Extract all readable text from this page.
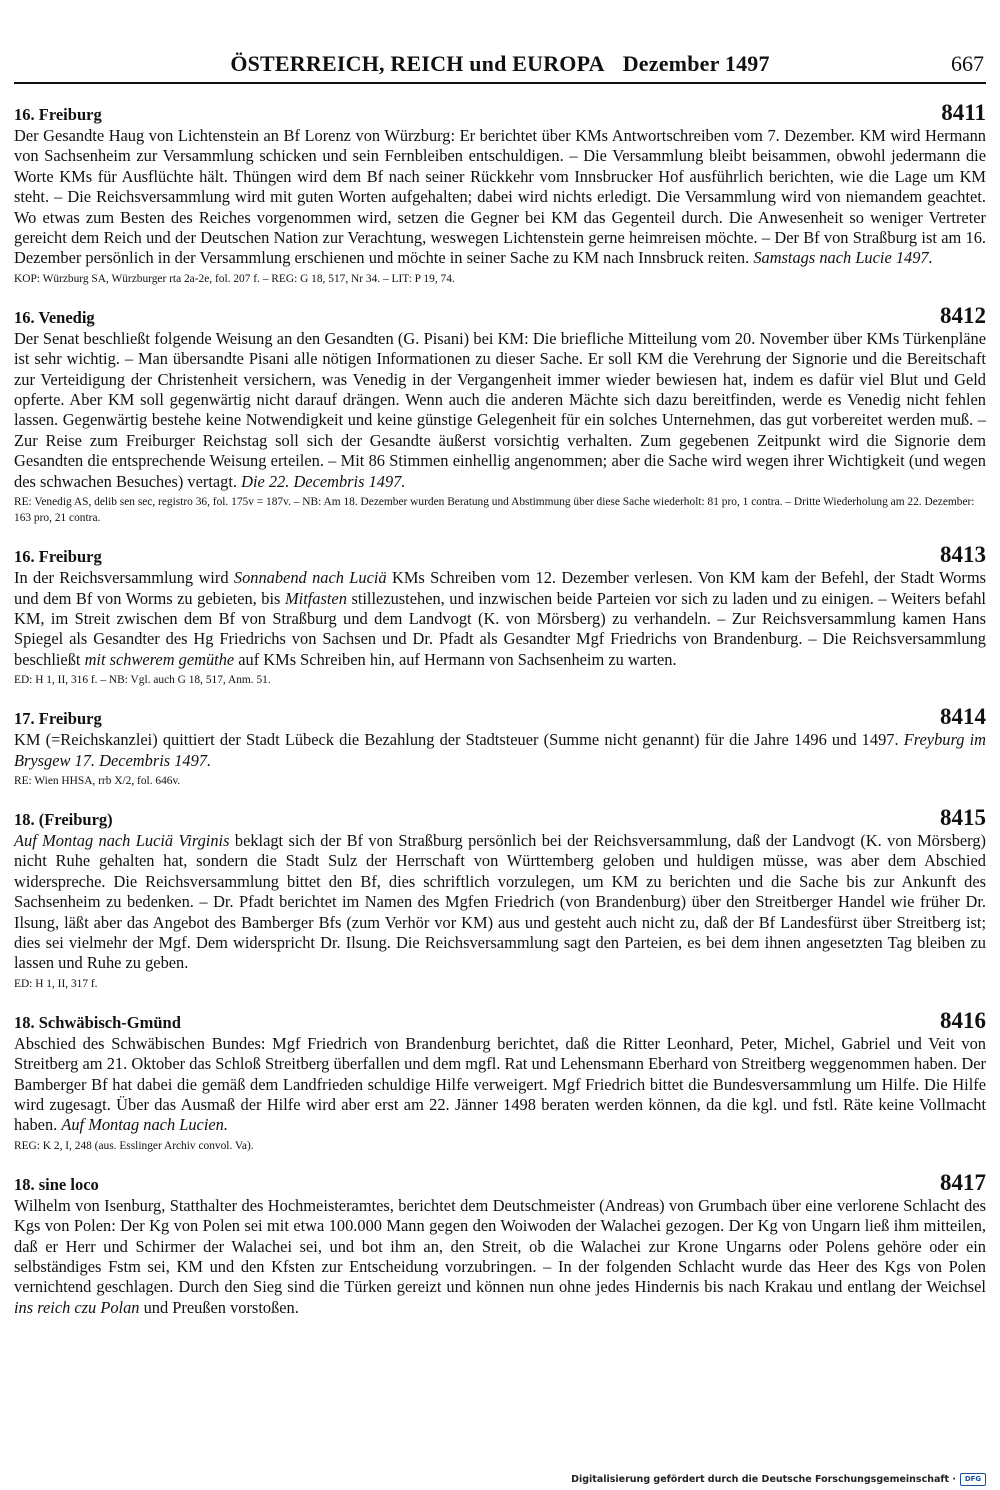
ÖSTERREICH, REICH und EUROPA Dezember 1497	667
16. Freiburg	8411

Der Gesandte Haug von Lichtenstein an Bf Lorenz von Würzburg: Er berichtet über KMs Antwortschreiben vom 7. Dezember. KM wird Hermann von Sachsenheim zur Versammlung schicken und sein Fernbleiben entschuldigen. – Die Versammlung bleibt beisammen, obwohl jedermann die Worte KMs für Ausflüchte hält. Thüngen wird dem Bf nach seiner Rückkehr vom Innsbrucker Hof ausführlich berichten, wie die Lage um KM steht. – Die Reichsversammlung wird mit guten Worten aufgehalten; dabei wird nichts erledigt. Die Versammlung wird von niemandem geachtet. Wo etwas zum Besten des Reiches vorgenommen wird, setzen die Gegner bei KM das Gegenteil durch. Die Anwesenheit so weniger Vertreter gereicht dem Reich und der Deutschen Nation zur Verachtung, weswegen Lichtenstein gerne heimreisen möchte. – Der Bf von Straßburg ist am 16. Dezember persönlich in der Versammlung erschienen und möchte in seiner Sache zu KM nach Innsbruck reiten. Samstags nach Lucie 1497.

KOP: Würzburg SA, Würzburger rta 2a-2e, fol. 207 f. – REG: G 18, 517, Nr 34. – LIT: P 19, 74.
16. Venedig	8412

Der Senat beschließt folgende Weisung an den Gesandten (G. Pisani) bei KM: Die briefliche Mitteilung vom 20. November über KMs Türkenpläne ist sehr wichtig. – Man übersandte Pisani alle nötigen Informationen zu dieser Sache. Er soll KM die Verehrung der Signorie und die Bereitschaft zur Verteidigung der Christenheit versichern, was Venedig in der Vergangenheit immer wieder bewiesen hat, indem es dafür viel Blut und Geld opferte. Aber KM soll gegenwärtig nicht darauf drängen. Wenn auch die anderen Mächte sich dazu bereitfinden, werde es Venedig nicht fehlen lassen. Gegenwärtig bestehe keine Notwendigkeit und keine günstige Gelegenheit für ein solches Unternehmen, das gut vorbereitet werden muß. – Zur Reise zum Freiburger Reichstag soll sich der Gesandte äußerst vorsichtig verhalten. Zum gegebenen Zeitpunkt wird die Signorie dem Gesandten die entsprechende Weisung erteilen. – Mit 86 Stimmen einhellig angenommen; aber die Sache wird wegen ihrer Wichtigkeit (und wegen des schwachen Besuches) vertagt. Die 22. Decembris 1497.

RE: Venedig AS, delib sen sec, registro 36, fol. 175v = 187v. – NB: Am 18. Dezember wurden Beratung und Abstimmung über diese Sache wiederholt: 81 pro, 1 contra. – Dritte Wiederholung am 22. Dezember: 163 pro, 21 contra.
16. Freiburg	8413

In der Reichsversammlung wird Sonnabend nach Luciä KMs Schreiben vom 12. Dezember verlesen. Von KM kam der Befehl, der Stadt Worms und dem Bf von Worms zu gebieten, bis Mitfasten stillezustehen, und inzwischen beide Parteien vor sich zu laden und zu einigen. – Weiters befahl KM, im Streit zwischen dem Bf von Straßburg und dem Landvogt (K. von Mörsberg) zu verhandeln. – Zur Reichsversammlung kamen Hans Spiegel als Gesandter des Hg Friedrichs von Sachsen und Dr. Pfadt als Gesandter Mgf Friedrichs von Brandenburg. – Die Reichsversammlung beschließt mit schwerem gemüthe auf KMs Schreiben hin, auf Hermann von Sachsenheim zu warten.

ED: H 1, II, 316 f. – NB: Vgl. auch G 18, 517, Anm. 51.
17. Freiburg	8414

KM (=Reichskanzlei) quittiert der Stadt Lübeck die Bezahlung der Stadtsteuer (Summe nicht genannt) für die Jahre 1496 und 1497. Freyburg im Brysgew 17. Decembris 1497.

RE: Wien HHSA, rrb X/2, fol. 646v.
18. (Freiburg)	8415

Auf Montag nach Luciä Virginis beklagt sich der Bf von Straßburg persönlich bei der Reichsversammlung, daß der Landvogt (K. von Mörsberg) nicht Ruhe gehalten hat, sondern die Stadt Sulz der Herrschaft von Württemberg geloben und huldigen müsse, was aber dem Abschied widerspreche. Die Reichsversammlung bittet den Bf, dies schriftlich vorzulegen, um KM zu berichten und die Sache bis zur Ankunft des Sachsenheim zu bedenken. – Dr. Pfadt berichtet im Namen des Mgfen Friedrich (von Brandenburg) über den Streitberger Handel wie früher Dr. Ilsung, läßt aber das Angebot des Bamberger Bfs (zum Verhör vor KM) aus und gesteht auch nicht zu, daß der Bf Landesfürst über Streitberg ist; dies sei vielmehr der Mgf. Dem widerspricht Dr. Ilsung. Die Reichsversammlung sagt den Parteien, es bei dem ihnen angesetzten Tag bleiben zu lassen und Ruhe zu geben.

ED: H 1, II, 317 f.
18. Schwäbisch-Gmünd	8416

Abschied des Schwäbischen Bundes: Mgf Friedrich von Brandenburg berichtet, daß die Ritter Leonhard, Peter, Michel, Gabriel und Veit von Streitberg am 21. Oktober das Schloß Streitberg überfallen und dem mgfl. Rat und Lehensmann Eberhard von Streitberg weggenommen haben. Der Bamberger Bf hat dabei die gemäß dem Landfrieden schuldige Hilfe verweigert. Mgf Friedrich bittet die Bundesversammlung um Hilfe. Die Hilfe wird zugesagt. Über das Ausmaß der Hilfe wird aber erst am 22. Jänner 1498 beraten werden können, da die kgl. und fstl. Räte keine Vollmacht haben. Auf Montag nach Lucien.

REG: K 2, I, 248 (aus. Esslinger Archiv convol. Va).
18. sine loco	8417

Wilhelm von Isenburg, Statthalter des Hochmeisteramtes, berichtet dem Deutschmeister (Andreas) von Grumbach über eine verlorene Schlacht des Kgs von Polen: Der Kg von Polen sei mit etwa 100.000 Mann gegen den Woiwoden der Walachei gezogen. Der Kg von Ungarn ließ ihm mitteilen, daß er Herr und Schirmer der Walachei sei, und bot ihm an, den Streit, ob die Walachei zur Krone Ungarns oder Polens gehöre oder ein selbständiges Fstm sei, KM und den Kfsten zur Entscheidung vorzubringen. – In der folgenden Schlacht wurde das Heer des Kgs von Polen vernichtend geschlagen. Durch den Sieg sind die Türken gereizt und können nun ohne jedes Hindernis bis nach Krakau und entlang der Weichsel ins reich czu Polan und Preußen vorstoßen.

Digitalisierung gefördert durch die Deutsche Forschungsgemeinschaft ·	DFG
